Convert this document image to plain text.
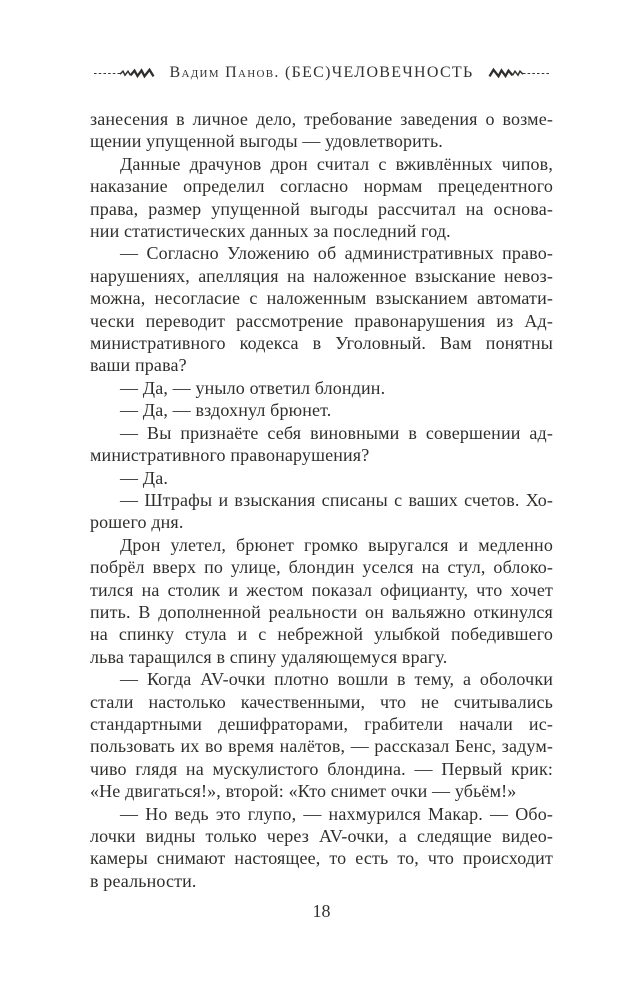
Вадим Панов. (БЕС)ЧЕЛОВЕЧНОСТЬ
занесения в личное дело, требование заведения о возме-
щении упущенной выгоды — удовлетворить.
Данные драчунов дрон считал с вживлённых чипов,
наказание определил согласно нормам прецедентного
права, размер упущенной выгоды рассчитал на основа-
нии статистических данных за последний год.
— Согласно Уложению об административных право-
нарушениях, апелляция на наложенное взыскание невоз-
можна, несогласие с наложенным взысканием автомати-
чески переводит рассмотрение правонарушения из Ад-
министративного кодекса в Уголовный. Вам понятны
ваши права?
— Да, — уныло ответил блондин.
— Да, — вздохнул брюнет.
— Вы признаёте себя виновными в совершении ад-
министративного правонарушения?
— Да.
— Штрафы и взыскания списаны с ваших счетов. Хо-
рошего дня.
Дрон улетел, брюнет громко выругался и медленно
побрёл вверх по улице, блондин уселся на стул, облоко-
тился на столик и жестом показал официанту, что хочет
пить. В дополненной реальности он вальяжно откинулся
на спинку стула и с небрежной улыбкой победившего
льва таращился в спину удаляющемуся врагу.
— Когда AV-очки плотно вошли в тему, а оболочки
стали настолько качественными, что не считывались
стандартными дешифраторами, грабители начали ис-
пользовать их во время налётов, — рассказал Бенс, задум-
чиво глядя на мускулистого блондина. — Первый крик:
«Не двигаться!», второй: «Кто снимет очки — убьём!»
— Но ведь это глупо, — нахмурился Макар. — Обо-
лочки видны только через AV-очки, а следящие видео-
камеры снимают настоящее, то есть то, что происходит
в реальности.
18
